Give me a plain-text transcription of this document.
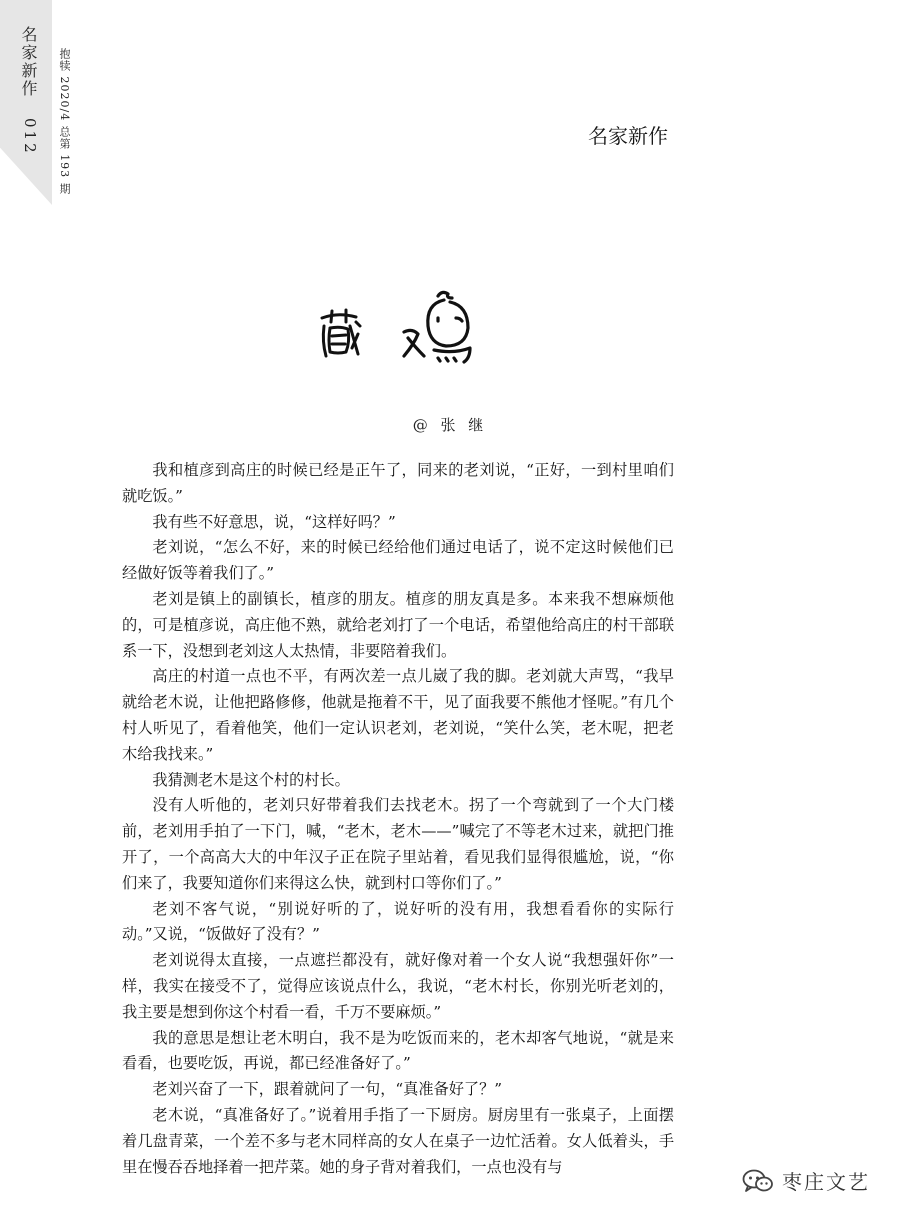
名家新作
012 抱犊 2020/4 总第 193 期	名家新作
@ 张 继

我和植彦到高庄的时候已经是正午了，同来的老刘说，“正好，一到村里咱们就吃饭。”

我有些不好意思，说，“这样好吗？”

老刘说，“怎么不好，来的时候已经给他们通过电话了，说不定这时候他们已经做好饭等着我们了。”

老刘是镇上的副镇长，植彦的朋友。植彦的朋友真是多。本来我不想麻烦他的，可是植彦说，高庄他不熟，就给老刘打了一个电话，希望他给高庄的村干部联系一下，没想到老刘这人太热情，非要陪着我们。

高庄的村道一点也不平，有两次差一点儿崴了我的脚。老刘就大声骂，“我早就给老木说，让他把路修修，他就是拖着不干，见了面我要不熊他才怪呢。”有几个村人听见了，看着他笑，他们一定认识老刘，老刘说，“笑什么笑，老木呢，把老木给我找来。”

我猜测老木是这个村的村长。

没有人听他的，老刘只好带着我们去找老木。拐了一个弯就到了一个大门楼前，老刘用手拍了一下门，喊，“老木，老木——”喊完了不等老木过来，就把门推开了，一个高高大大的中年汉子正在院子里站着，看见我们显得很尴尬，说，“你们来了，我要知道你们来得这么快，就到村口等你们了。”

老刘不客气说，“别说好听的了，说好听的没有用，我想看看你的实际行动。”又说，“饭做好了没有？”

老刘说得太直接，一点遮拦都没有，就好像对着一个女人说“我想强奸你”一样，我实在接受不了，觉得应该说点什么，我说，“老木村长，你别光听老刘的，我主要是想到你这个村看一看，千万不要麻烦。”

我的意思是想让老木明白，我不是为吃饭而来的，老木却客气地说，“就是来看看，也要吃饭，再说，都已经准备好了。”

老刘兴奋了一下，跟着就问了一句，“真准备好了？”

老木说，“真准备好了。”说着用手指了一下厨房。厨房里有一张桌子，上面摆着几盘青菜，一个差不多与老木同样高的女人在桌子一边忙活着。女人低着头，手里在慢吞吞地择着一把芹菜。她的身子背对着我们，一点也没有与

枣庄文艺
